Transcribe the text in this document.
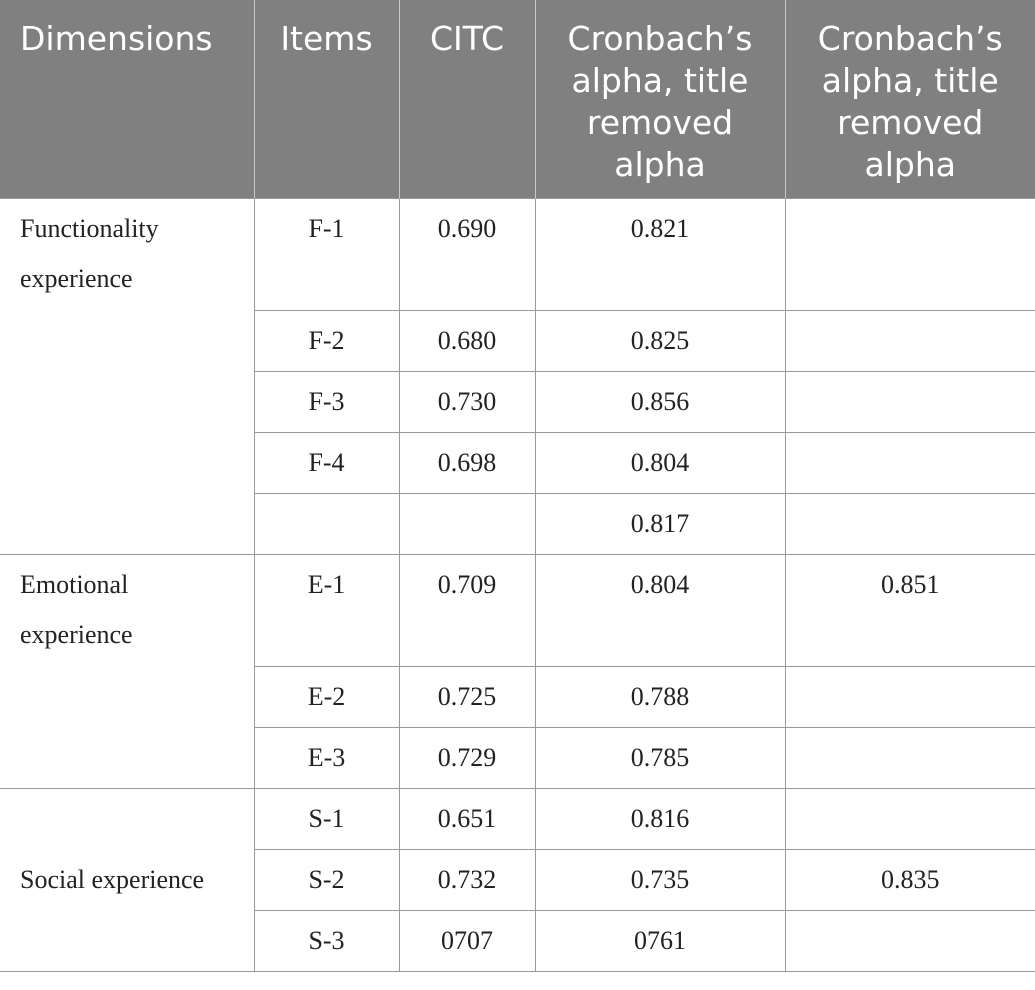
Dimensions	Items	CITC	Cronbach’s alpha, title removed alpha	Cronbach’s alpha, title removed alpha
Functionality experience	F-1	0.690	0.821	
	F-2	0.680	0.825	
	F-3	0.730	0.856	
	F-4	0.698	0.804	
			0.817	
Emotional experience	E-1	0.709	0.804	0.851
	E-2	0.725	0.788	
	E-3	0.729	0.785	
Social experience	S-1	0.651	0.816	
	S-2	0.732	0.735	0.835
	S-3	0707	0761	
